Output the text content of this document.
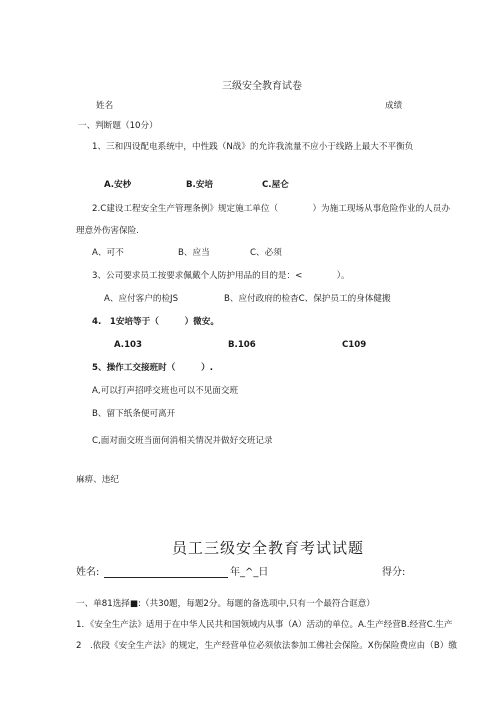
三级安全教育试卷
姓名	成绩
一、判断题（10分）
1、三和四设配电系统中，中性践（N战》的允许我流量不应小于线路上最大不平衡负
A.安杪	B.安培	C.屋仑
2.C建设工程安全生产管理条例》规定施工单位（　　　　）为施工现场从事危险作业的人员办
理意外伤害保险.
A、可不	B、应当	C、必须
3、公司要求员工按要求佩戴个人防护用品的目的是：<　　　　）。
A、应付客户的检JS	B、应付政府的检杳C、保护员工的身体健搬
4.　1安培等于（　　　）微安。
A.103	B.106	C109
5、操作工交接班时（　　　）.
A,可以打声招呼交班也可以不见面交班
B、留下纸条便可离开
C,面对面交班当面何消相关情况并做好交班记录
麻痹、违纪
员工三级安全教育考试试题
姓名:	年_^_日	得分:
一、单81选择■:（共30题，每题2分。每题的备选项中,只有一个最符合诓意）
1．《安全生产法》适用于在中华人民共和国领域内从事（A）活动的单位。A.生产经营B.经营C.生产
2　.依段《安全生产法》的规定，生产经营单位必须依法参加工佛社会保险。X伤保险费应由（B）缴
